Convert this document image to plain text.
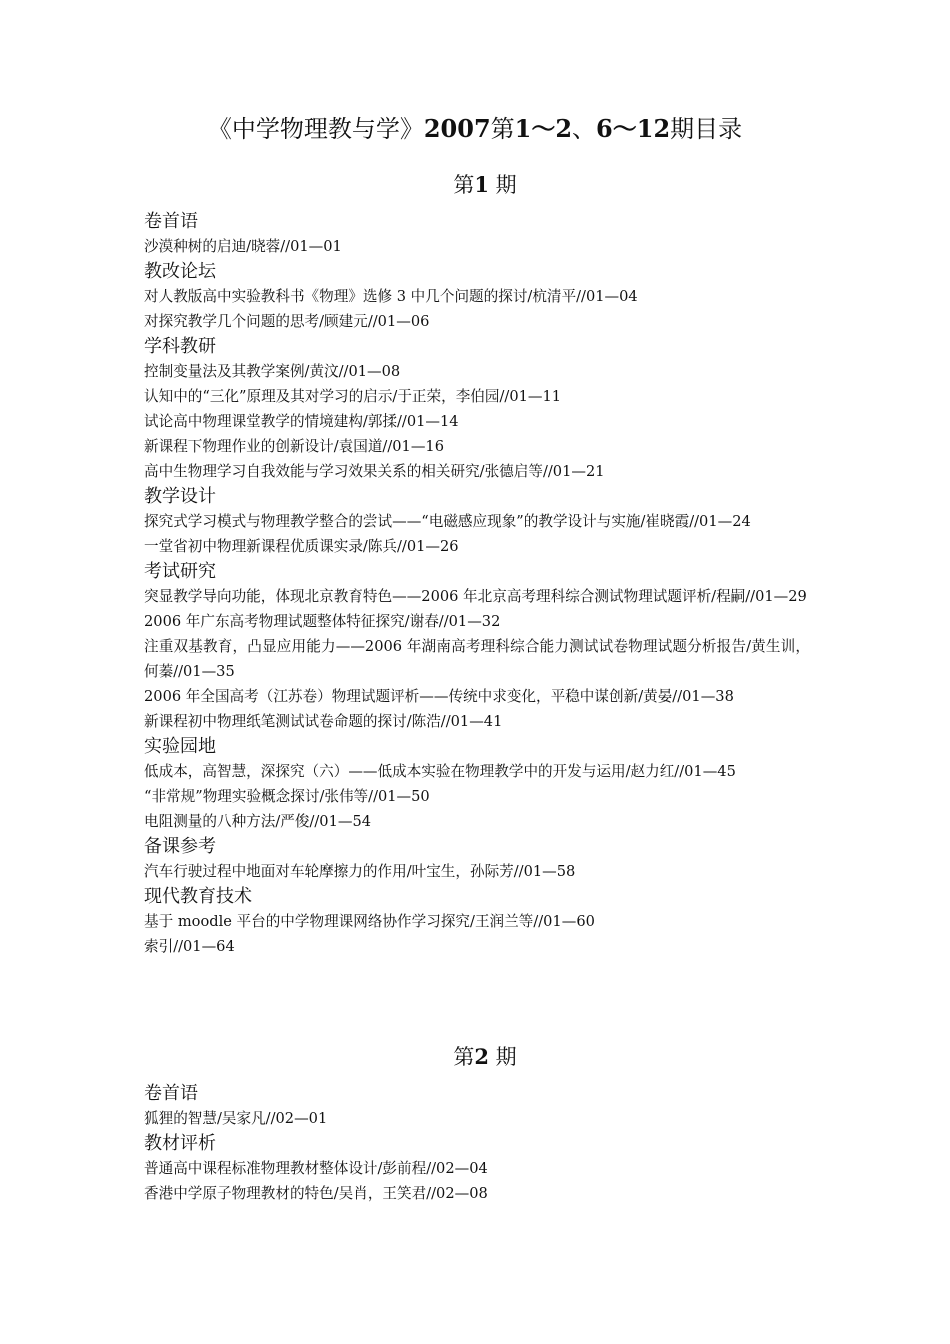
《中学物理教与学》2007第1～2、6～12期目录
第1 期
卷首语
沙漠种树的启迪/晓蓉//01—01
教改论坛
对人教版高中实验教科书《物理》选修 3 中几个问题的探讨/杭清平//01—04
对探究教学几个问题的思考/顾建元//01—06
学科教研
控制变量法及其教学案例/黄汶//01—08
认知中的“三化”原理及其对学习的启示/于正荣，李伯园//01—11
试论高中物理课堂教学的情境建构/郭揉//01—14
新课程下物理作业的创新设计/袁国道//01—16
高中生物理学习自我效能与学习效果关系的相关研究/张德启等//01—21
教学设计
探究式学习模式与物理教学整合的尝试——“电磁感应现象”的教学设计与实施/崔晓霞//01—24
一堂省初中物理新课程优质课实录/陈兵//01—26
考试研究
突显教学导向功能，体现北京教育特色——2006 年北京高考理科综合测试物理试题评析/程嗣//01—29
2006 年广东高考物理试题整体特征探究/谢春//01—32
注重双基教育，凸显应用能力——2006 年湖南高考理科综合能力测试试卷物理试题分析报告/黄生训，何蓁//01—35
2006 年全国高考（江苏卷）物理试题评析——传统中求变化，平稳中谋创新/黄晏//01—38
新课程初中物理纸笔测试试卷命题的探讨/陈浩//01—41
实验园地
低成本，高智慧，深探究（六）——低成本实验在物理教学中的开发与运用/赵力红//01—45
“非常规”物理实验概念探讨/张伟等//01—50
电阻测量的八种方法/严俊//01—54
备课参考
汽车行驶过程中地面对车轮摩擦力的作用/叶宝生，孙际芳//01—58
现代教育技术
基于 moodle 平台的中学物理课网络协作学习探究/王润兰等//01—60
索引//01—64
第2 期
卷首语
狐狸的智慧/吴家凡//02—01
教材评析
普通高中课程标准物理教材整体设计/彭前程//02—04
香港中学原子物理教材的特色/吴肖，王笑君//02—08
